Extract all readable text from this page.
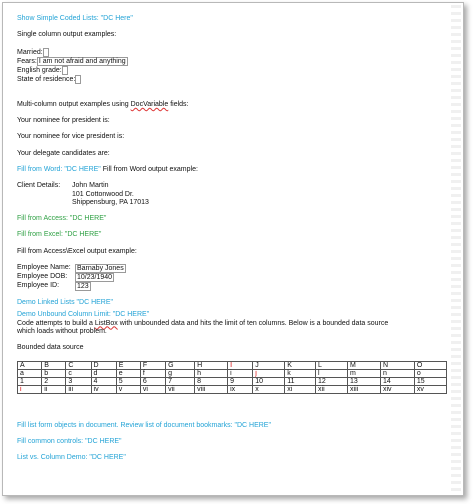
Show Simple Coded Lists: "DC Here"
Single column output examples:
Married:
Fears: I am not afraid and anything
English grade:
State of residence:
Multi-column output examples using DocVariable fields:
Your nominee for president is:
Your nominee for vice president is:
Your delegate candidates are:
Fill from Word: "DC HERE" Fill from Word output example:
Client Details:	John Martin
101 Cottonwood Dr.
Shippensburg, PA 17013
Fill from Access: "DC HERE"
Fill from Excel: "DC HERE"
Fill from Access\Excel output example:
Employee Name: Barnaby Jones
Employee DOB:	10/23/1940
Employee ID:	123
Demo Linked Lists "DC HERE"
Demo Unbound Column Limit: "DC HERE"
Code attempts to build a ListBox with unbounded data and hits the limit of ten columns. Below is a bounded data source
which loads without problem.
Bounded data source
A	B	C	D	E	F	G	H	I	J	K	L	M	N	O
a	b	c	d	e	f	g	h	i	j	k	l	m	n	o
1	2	3	4	5	6	7	8	9	10	11	12	13	14	15
i	ii	iii	iv	v	vi	vii	viii	ix	x	xi	xii	xiii	xiv	xv
Fill list form objects in document. Review list of document bookmarks: "DC HERE"
Fill common controls: "DC HERE"
List vs. Column Demo: "DC HERE"
